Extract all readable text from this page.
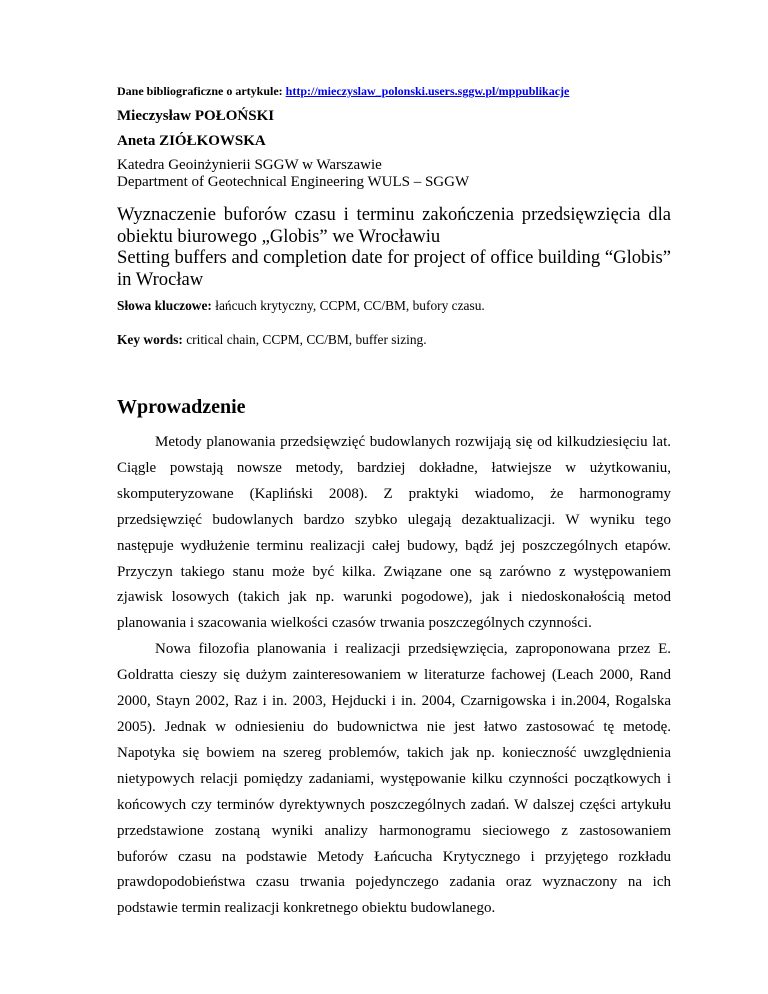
Dane bibliograficzne o artykule: http://mieczyslaw_polonski.users.sggw.pl/mppublikacje
Mieczysław POŁOŃSKI
Aneta ZIÓŁKOWSKA
Katedra Geoinżynierii SGGW w Warszawie
Department of Geotechnical Engineering WULS – SGGW

Wyznaczenie buforów czasu i terminu zakończenia przedsięwzięcia dla obiektu biurowego „Globis” we Wrocławiu

Setting buffers and completion date for project of office building “Globis” in Wrocław

Słowa kluczowe: łańcuch krytyczny, CCPM, CC/BM, bufory czasu.
Key words: critical chain, CCPM, CC/BM, buffer sizing.
Wprowadzenie

Metody planowania przedsięwzięć budowlanych rozwijają się od kilkudziesięciu lat. Ciągle powstają nowsze metody, bardziej dokładne, łatwiejsze w użytkowaniu, skomputeryzowane (Kapliński 2008). Z praktyki wiadomo, że harmonogramy przedsięwzięć budowlanych bardzo szybko ulegają dezaktualizacji. W wyniku tego następuje wydłużenie terminu realizacji całej budowy, bądź jej poszczególnych etapów. Przyczyn takiego stanu może być kilka. Związane one są zarówno z występowaniem zjawisk losowych (takich jak np. warunki pogodowe), jak i niedoskonałością metod planowania i szacowania wielkości czasów trwania poszczególnych czynności.

Nowa filozofia planowania i realizacji przedsięwzięcia, zaproponowana przez E. Goldratta cieszy się dużym zainteresowaniem w literaturze fachowej (Leach 2000, Rand 2000, Stayn 2002, Raz i in. 2003, Hejducki i in. 2004, Czarnigowska i in.2004, Rogalska 2005). Jednak w odniesieniu do budownictwa nie jest łatwo zastosować tę metodę. Napotyka się bowiem na szereg problemów, takich jak np. konieczność uwzględnienia nietypowych relacji pomiędzy zadaniami, występowanie kilku czynności początkowych i końcowych czy terminów dyrektywnych poszczególnych zadań. W dalszej części artykułu przedstawione zostaną wyniki analizy harmonogramu sieciowego z zastosowaniem buforów czasu na podstawie Metody Łańcucha Krytycznego i przyjętego rozkładu prawdopodobieństwa czasu trwania pojedynczego zadania oraz wyznaczony na ich podstawie termin realizacji konkretnego obiektu budowlanego.
